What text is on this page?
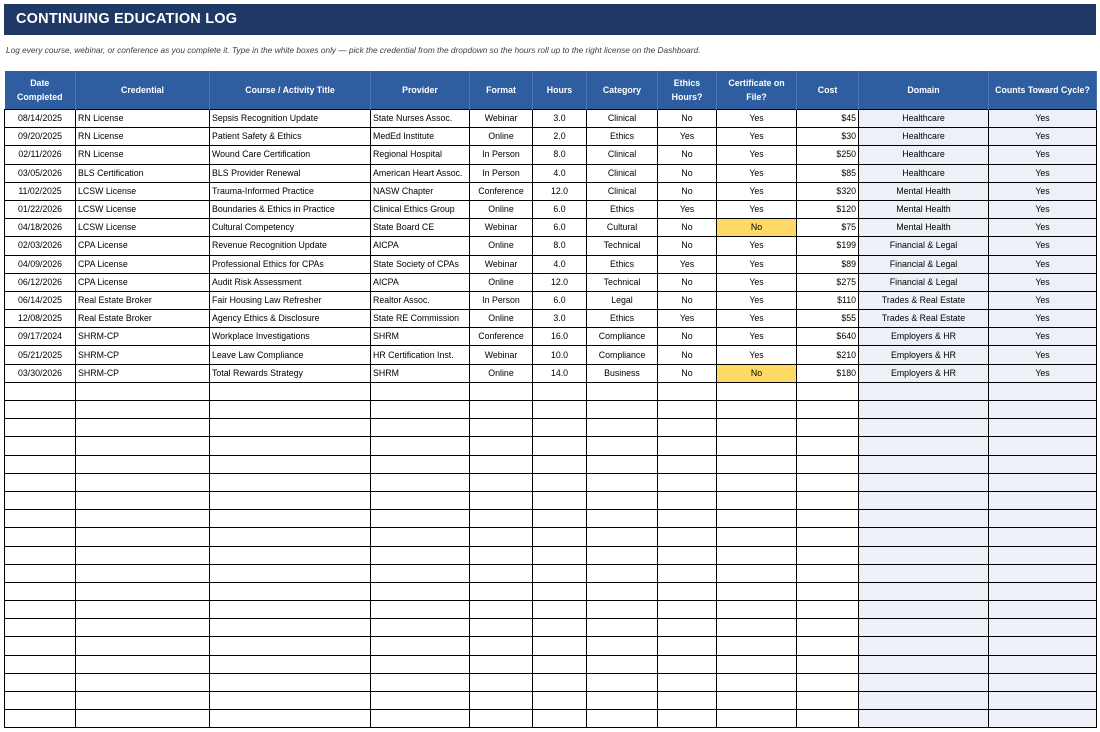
CONTINUING EDUCATION LOG
Log every course, webinar, or conference as you complete it. Type in the white boxes only — pick the credential from the dropdown so the hours roll up to the right license on the Dashboard.
Date Completed	Credential	Course / Activity Title	Provider	Format	Hours	Category	Ethics Hours?	Certificate on File?	Cost	Domain	Counts Toward Cycle?
08/14/2025	RN License	Sepsis Recognition Update	State Nurses Assoc.	Webinar	3.0	Clinical	No	Yes	$45	Healthcare	Yes
09/20/2025	RN License	Patient Safety & Ethics	MedEd Institute	Online	2.0	Ethics	Yes	Yes	$30	Healthcare	Yes
02/11/2026	RN License	Wound Care Certification	Regional Hospital	In Person	8.0	Clinical	No	Yes	$250	Healthcare	Yes
03/05/2026	BLS Certification	BLS Provider Renewal	American Heart Assoc.	In Person	4.0	Clinical	No	Yes	$85	Healthcare	Yes
11/02/2025	LCSW License	Trauma-Informed Practice	NASW Chapter	Conference	12.0	Clinical	No	Yes	$320	Mental Health	Yes
01/22/2026	LCSW License	Boundaries & Ethics in Practice	Clinical Ethics Group	Online	6.0	Ethics	Yes	Yes	$120	Mental Health	Yes
04/18/2026	LCSW License	Cultural Competency	State Board CE	Webinar	6.0	Cultural	No	No	$75	Mental Health	Yes
02/03/2026	CPA License	Revenue Recognition Update	AICPA	Online	8.0	Technical	No	Yes	$199	Financial & Legal	Yes
04/09/2026	CPA License	Professional Ethics for CPAs	State Society of CPAs	Webinar	4.0	Ethics	Yes	Yes	$89	Financial & Legal	Yes
06/12/2026	CPA License	Audit Risk Assessment	AICPA	Online	12.0	Technical	No	Yes	$275	Financial & Legal	Yes
06/14/2025	Real Estate Broker	Fair Housing Law Refresher	Realtor Assoc.	In Person	6.0	Legal	No	Yes	$110	Trades & Real Estate	Yes
12/08/2025	Real Estate Broker	Agency Ethics & Disclosure	State RE Commission	Online	3.0	Ethics	Yes	Yes	$55	Trades & Real Estate	Yes
09/17/2024	SHRM-CP	Workplace Investigations	SHRM	Conference	16.0	Compliance	No	Yes	$640	Employers & HR	Yes
05/21/2025	SHRM-CP	Leave Law Compliance	HR Certification Inst.	Webinar	10.0	Compliance	No	Yes	$210	Employers & HR	Yes
03/30/2026	SHRM-CP	Total Rewards Strategy	SHRM	Online	14.0	Business	No	No	$180	Employers & HR	Yes
